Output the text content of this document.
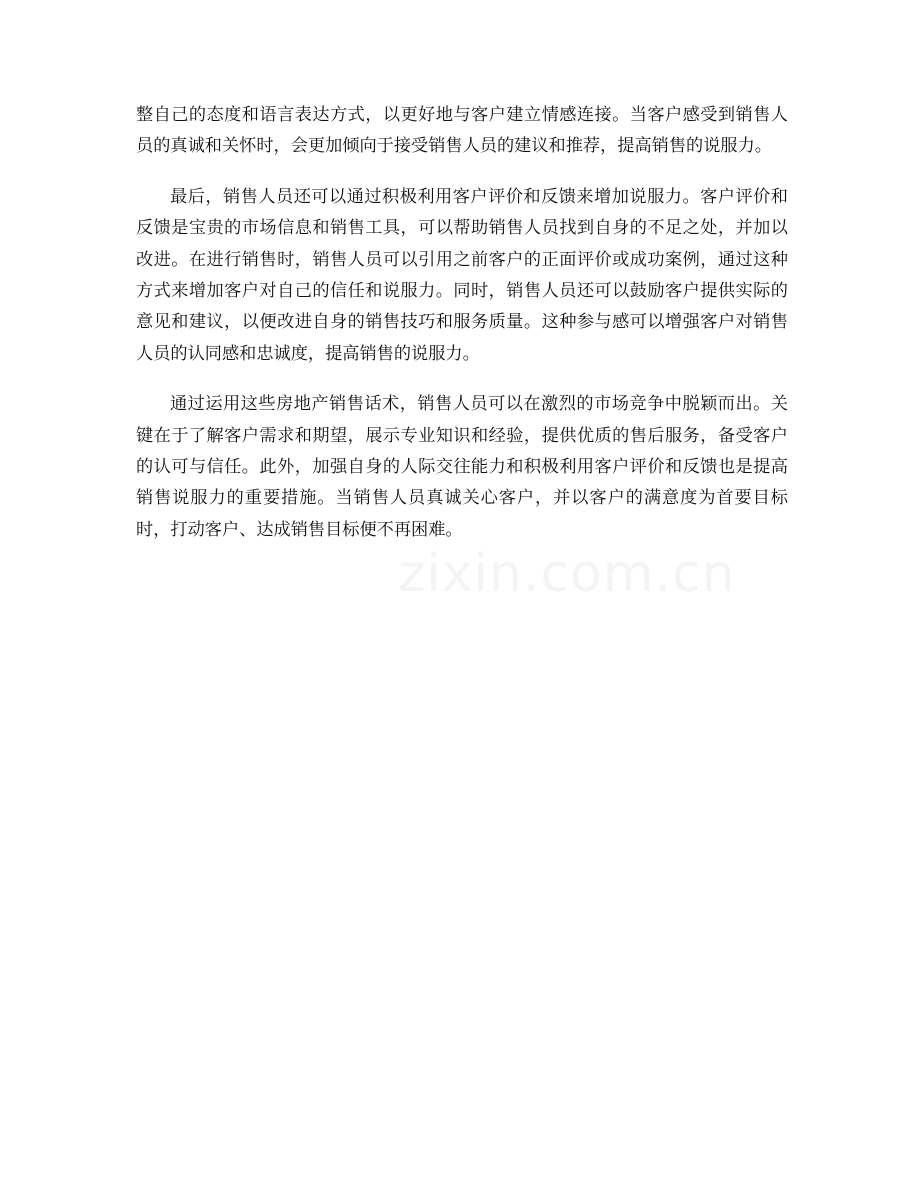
整自己的态度和语言表达方式，以更好地与客户建立情感连接。当客户感受到销售人员的真诚和关怀时，会更加倾向于接受销售人员的建议和推荐，提高销售的说服力。

最后，销售人员还可以通过积极利用客户评价和反馈来增加说服力。客户评价和反馈是宝贵的市场信息和销售工具，可以帮助销售人员找到自身的不足之处，并加以改进。在进行销售时，销售人员可以引用之前客户的正面评价或成功案例，通过这种方式来增加客户对自己的信任和说服力。同时，销售人员还可以鼓励客户提供实际的意见和建议，以便改进自身的销售技巧和服务质量。这种参与感可以增强客户对销售人员的认同感和忠诚度，提高销售的说服力。

通过运用这些房地产销售话术，销售人员可以在激烈的市场竞争中脱颖而出。关键在于了解客户需求和期望，展示专业知识和经验，提供优质的售后服务，备受客户的认可与信任。此外，加强自身的人际交往能力和积极利用客户评价和反馈也是提高销售说服力的重要措施。当销售人员真诚关心客户，并以客户的满意度为首要目标时，打动客户、达成销售目标便不再困难。

zixin.com.cn
